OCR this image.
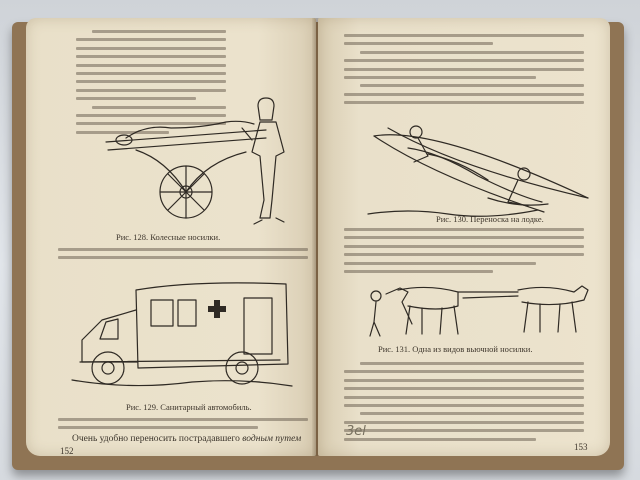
Рис. 128. Колесные носилки.
Рис. 129. Санитарный автомобиль.
Очень удобно переносить пострадавшего водным путем
152
Рис. 130. Переноска на лодке.
Рис. 131. Одна из видов вьючной носилки.
3el
153
